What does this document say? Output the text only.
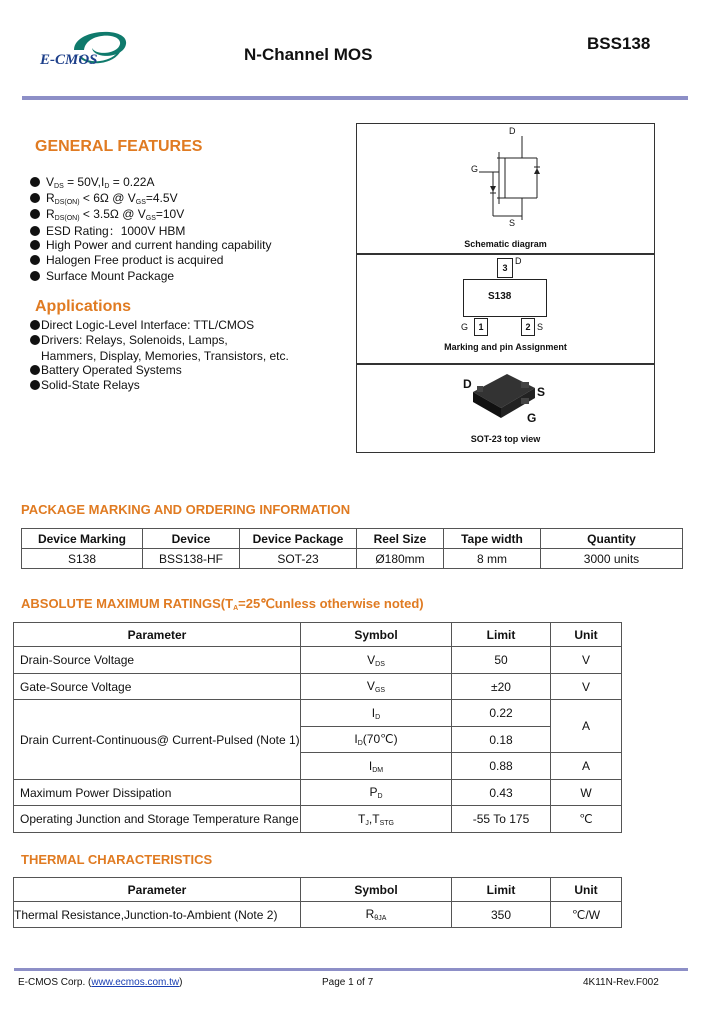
E-CMOS	N-Channel MOS
BSS138
GENERAL FEATURES
$V_{DS} = 50V,I_D = 0.22A$
$R_{DS(ON)} < 6\Omega$ @ $V_{GS}=4.5V$
$R_{DS(ON)} < 3.5\Omega$ @ $V_{GS}=10V$
ESD Rating：1000V HBM
High Power and current handing capability
Halogen Free product is acquired
Surface Mount Package
Applications
Direct Logic-Level Interface: TTL/CMOS
Drivers: Relays, Solenoids, Lamps,
Hammers, Display, Memories, Transistors, etc.
Battery Operated Systems
Solid-State Relays
D
G
S
Schematic diagram
S138
3
D
1
G	2 S
Marking and pin Assignment
D
S
G
SOT-23 top view
PACKAGE MARKING AND ORDERING INFORMATION
Device Marking	Device	Device Package	Reel Size	Tape width	Quantity
S138	BSS138-HF	SOT-23	Ø180mm	8 mm	3000 units
ABSOLUTE MAXIMUM $RATINGS(T_A=25℃unless$ otherwise noted)
Parameter	Symbol	Limit	Unit
Drain-Source Voltage	$V_{DS}$	50	V
Gate-Source Voltage	$V_{GS}$	±20	V
Drain Current-Continuous@ Current-Pulsed (Note 1)	$I_D$	0.22	A
	$I_D(70℃)$	0.18	
	$I_{DM}$	0.88	A
Maximum Power Dissipation	$P_D$	0.43	W
Operating Junction and Storage Temperature Range	$T_J,T_{STG}$	-55 To 175	℃
THERMAL CHARACTERISTICS
Parameter	Symbol	Limit	Unit
Thermal Resistance,Junction-to-Ambient (Note 2)	$R_{\theta JA}$	350	℃/W
E-CMOS Corp. (www.ecmos.com.tw)	Page 1 of 7	4K11N-Rev.F002
